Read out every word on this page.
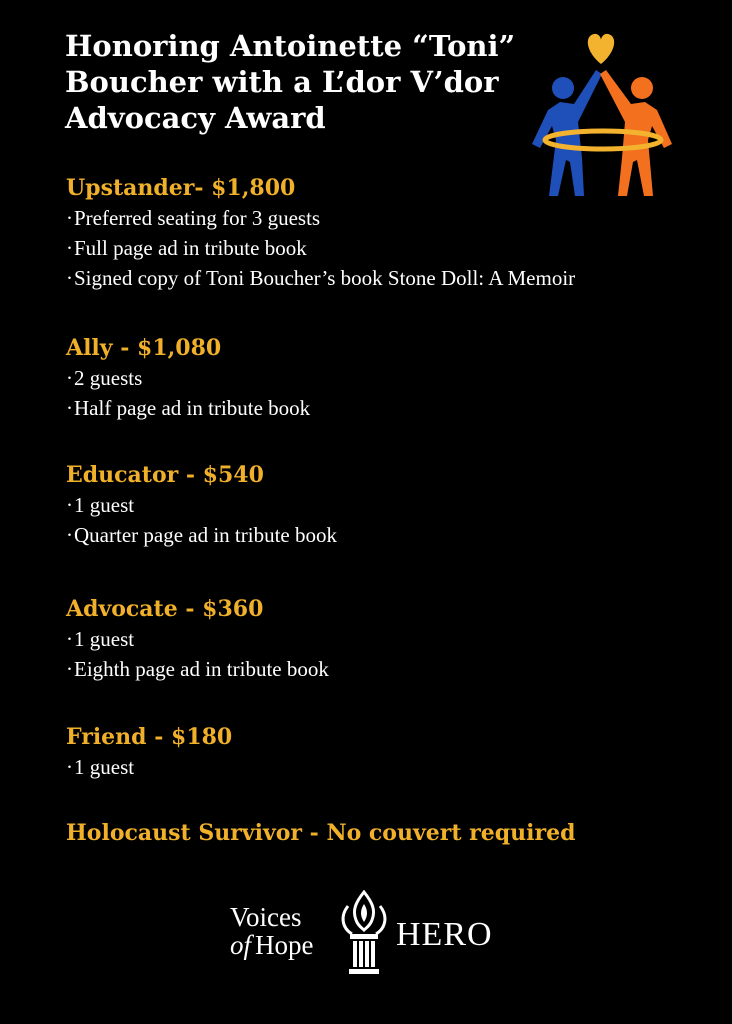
Honoring Antoinette “Toni”
Boucher with a L’dor V’dor
Advocacy Award

Upstander- $1,800

·Preferred seating for 3 guests

·Full page ad in tribute book

·Signed copy of Toni Boucher’s book Stone Doll: A Memoir

Ally - $1,080

·2 guests

·Half page ad in tribute book

Educator - $540

·1 guest

·Quarter page ad in tribute book

Advocate - $360

·1 guest

·Eighth page ad in tribute book

Friend - $180

·1 guest

Holocaust Survivor - No couvert required

Voices
of Hope HERO
